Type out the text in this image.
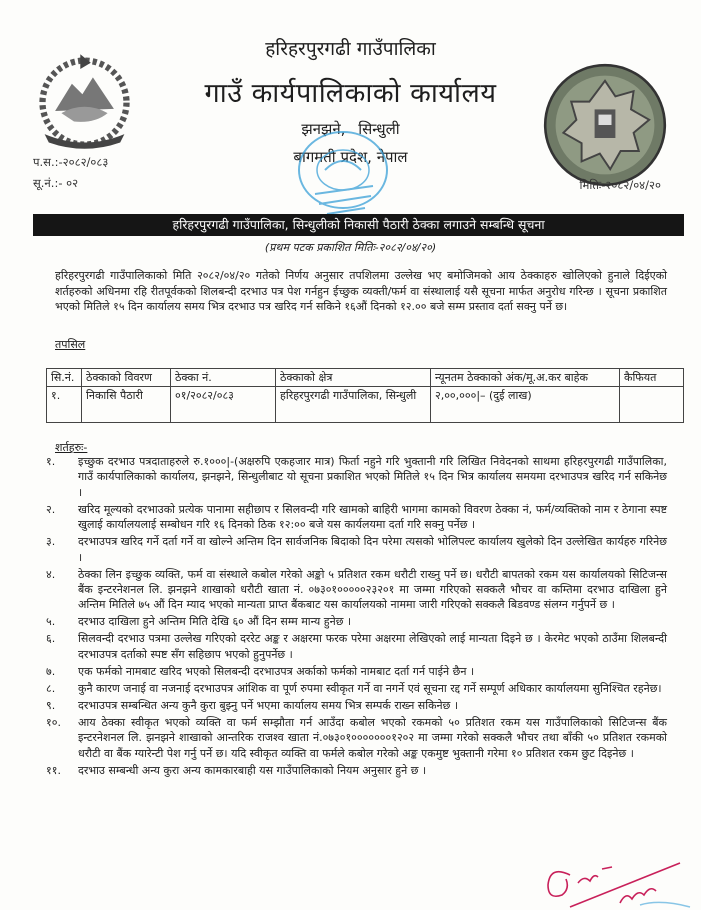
हरिहरपुरगढी गाउँपालिका
गाउँ कार्यपालिकाको कार्यालय
झनझने, सिन्धुली
बागमती प्रदेश, नेपाल
प.स.:-२०८२/०८३
सू.नं.:- ०२	मितिः-२०८२/०४/२०
हरिहरपुरगढी गाउँपालिका, सिन्धुलीको निकासी पैठारी ठेक्का लगाउने सम्बन्धि सूचना
(प्रथम पटक प्रकाशित मितिः-२०८२/०४/२०)
हरिहरपुरगढी गाउँपालिकाको मिति २०८२/०४/२० गतेको निर्णय अनुसार तपशिलमा उल्लेख भए बमोजिमको आय ठेक्काहरु खोलिएको हुनाले दिईएको शर्तहरुको अधिनमा रहि रीतपूर्वकको शिलबन्दी दरभाउ पत्र पेश गर्नहुन ईच्छुक व्यक्ती/फर्म वा संस्थालाई यसै सूचना मार्फत अनुरोध गरिन्छ । सूचना प्रकाशित भएको मितिले १५ दिन कार्यालय समय भित्र दरभाउ पत्र खरिद गर्न सकिने १६औं दिनको १२.०० बजे सम्म प्रस्ताव दर्ता सक्नु पर्ने छ।
तपसिल
सि.नं.	ठेक्काको विवरण	ठेक्का नं.	ठेक्काको क्षेत्र	न्यूनतम ठेक्काको अंक/मू.अ.कर बाहेक	कैफियत
१.	निकासि पैठारी	०१/२०८२/०८३	हरिहरपुरगढी गाउँपालिका, सिन्धुली	२,००,०००|– (दुई लाख)	
शर्तहरुः-
१.	इच्छुक दरभाउ पत्रदाताहरुले रु.१०००|-(अक्षरुपि एकहजार मात्र) फिर्ता नहुने गरि भुक्तानी गरि लिखित निवेदनको साथमा हरिहरपुरगढी गाउँपालिका, गाउँ कार्यपालिकाको कार्यालय, झनझने, सिन्धुलीबाट यो सूचना प्रकाशित भएको मितिले १५ दिन भित्र कार्यालय समयमा दरभाउपत्र खरिद गर्न सकिनेछ ।
२.	खरिद मूल्यको दरभाउको प्रत्येक पानामा सहीछाप र सिलवन्दी गरि खामको बाहिरी भागमा कामको विवरण ठेक्का नं, फर्म/व्यक्तिको नाम र ठेगाना स्पष्ट खुलाई कार्यालयलाई सम्बोधन गरि १६ दिनको ठिक १२:०० बजे यस कार्यलयमा दर्ता गरि सक्नु पर्नेछ ।
३.	दरभाउपत्र खरिद गर्ने दर्ता गर्ने वा खोल्ने अन्तिम दिन सार्वजनिक बिदाको दिन परेमा त्यसको भोलिपल्ट कार्यालय खुलेको दिन उल्लेखित कार्यहरु गरिनेछ ।
४.	ठेक्का लिन इच्छुक व्यक्ति, फर्म वा संस्थाले कबोल गरेको अङ्को ५ प्रतिशत रकम धरौटी राख्नु पर्ने छ। धरौटी बापतको रकम यस कार्यालयको सिटिजन्स बैंक इन्टरनेशनल लि. झनझने शाखाको धरौटी खाता नं. ०७३०१०००००२३२०१ मा जम्मा गरिएको सक्कलै भौचर वा कम्तिमा दरभाउ दाखिला हुने अन्तिम मितिले ७५ औं दिन म्याद भएको मान्यता प्राप्त बैंकबाट यस कार्यालयको नाममा जारी गरिएको सक्कलै बिडवण्ड संलग्न गर्नुपर्ने छ ।
५.	दरभाउ दाखिला हुने अन्तिम मिति देखि ६० औं दिन सम्म मान्य हुनेछ ।
६.	सिलवन्दी दरभाउ पत्रमा उल्लेख गरिएको दररेट अङ्क र अक्षरमा फरक परेमा अक्षरमा लेखिएको लाई मान्यता दिइने छ । केरमेट भएको ठाउँमा शिलबन्दी दरभाउपत्र दर्ताको स्पष्ट सँग सहिछाप भएको हुनुपर्नेछ ।
७.	एक फर्मको नामबाट खरिद भएको सिलबन्दी दरभाउपत्र अर्काको फर्मको नामबाट दर्ता गर्न पाईने छैन ।
८.	कुनै कारण जनाई वा नजनाई दरभाउपत्र आंशिक वा पूर्ण रुपमा स्वीकृत गर्ने वा नगर्ने एवं सूचना रद्द गर्ने सम्पूर्ण अधिकार कार्यालयमा सुनिश्चित रहनेछ।
९.	दरभाउपत्र सम्बन्धित अन्य कुनै कुरा बुझ्नु पर्ने भएमा कार्यालय समय भित्र सम्पर्क राख्न सकिनेछ ।
१०.	आय ठेक्का स्वीकृत भएको व्यक्ति वा फर्म सम्झौता गर्न आउँदा कबोल भएको रकमको ५० प्रतिशत रकम यस गाउँपालिकाको सिटिजन्स बैंक इन्टरनेशनल लि. झनझने शाखाको आन्तरिक राजश्व खाता नं.०७३०१०००००००१२०२ मा जम्मा गरेको सक्कलै भौचर तथा बाँकी ५० प्रतिशत रकमको धरौटी वा बैंक ग्यारेन्टी पेश गर्नु पर्ने छ। यदि स्वीकृत व्यक्ति वा फर्मले कबोल गरेको अङ्क एकमुष्ट भुक्तानी गरेमा १० प्रतिशत रकम छुट दिइनेछ ।
११.	दरभाउ सम्बन्धी अन्य कुरा अन्य कामकारबाही यस गाउँपालिकाको नियम अनुसार हुने छ ।
